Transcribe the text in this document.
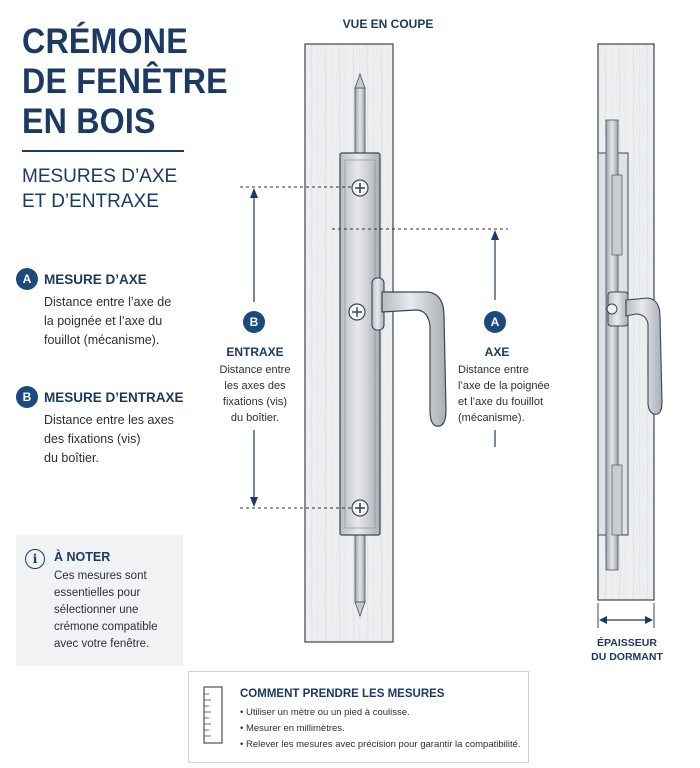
CRÉMONE
DE FENÊTRE
EN BOIS
MESURES D’AXE
ET D’ENTRAXE
A MESURE D’AXE
Distance entre l’axe de
la poignée et l’axe du
fouillot (mécanisme).
B MESURE D’ENTRAXE
Distance entre les axes
des fixations (vis)
du boîtier.
i	À NOTER
Ces mesures sont
essentielles pour
sélectionner une
crémone compatible
avec votre fenêtre.
VUE EN COUPE
B
ENTRAXE
Distance entre
les axes des
fixations (vis)
du boîtier.
A
AXE
Distance entre
l’axe de la poignée
et l’axe du fouillot
(mécanisme).
ÉPAISSEUR
DU DORMANT
COMMENT PRENDRE LES MESURES
• Utiliser un mètre ou un pied à coulisse.
• Mesurer en millimètres.
• Relever les mesures avec précision pour garantir la compatibilité.
